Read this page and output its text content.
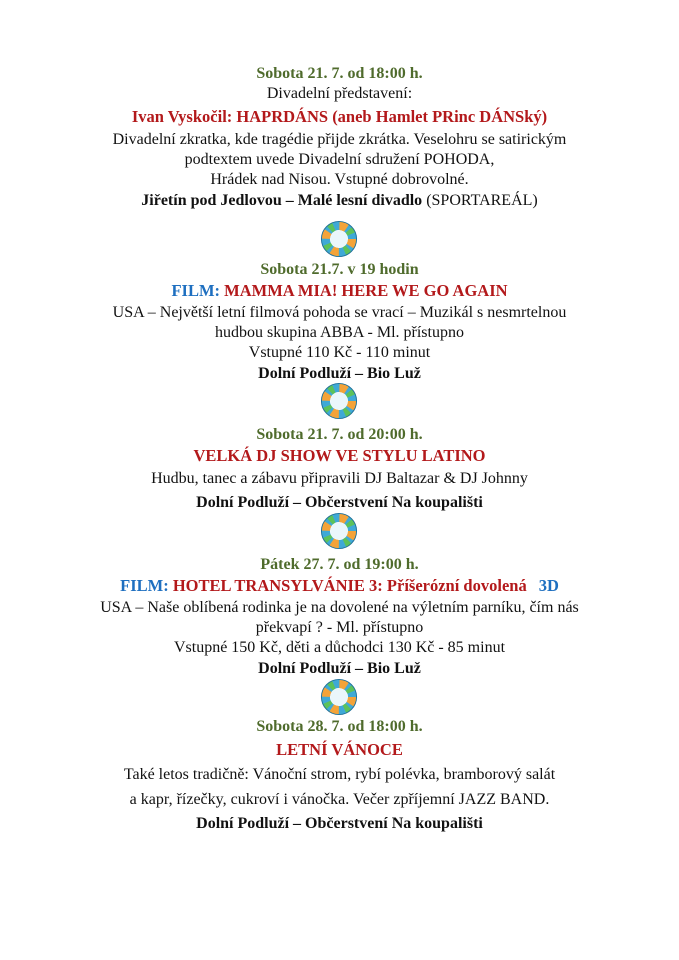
Sobota 21. 7. od 18:00 h.
Divadelní představení:
Ivan Vyskočil: HAPRDÁNS (aneb Hamlet PRinc DÁNSký)
Divadelní zkratka, kde tragédie přijde zkrátka. Veselohru se satirickým
podtextem uvede Divadelní sdružení POHODA,
Hrádek nad Nisou. Vstupné dobrovolné.
Jiřetín pod Jedlovou – Malé lesní divadlo (SPORTAREÁL)
Sobota 21.7. v 19 hodin
FILM: MAMMA MIA! HERE WE GO AGAIN
USA – Největší letní filmová pohoda se vrací – Muzikál s nesmrtelnou
hudbou skupina ABBA - Ml. přístupno
Vstupné 110 Kč - 110 minut
Dolní Podluží – Bio Luž
Sobota 21. 7. od 20:00 h.
VELKÁ DJ SHOW VE STYLU LATINO
Hudbu, tanec a zábavu připravili DJ Baltazar & DJ Johnny
Dolní Podluží – Občerstvení Na koupališti
Pátek 27. 7. od 19:00 h.
FILM: HOTEL TRANSYLVÁNIE 3: Příšerózní dovolená 3D
USA – Naše oblíbená rodinka je na dovolené na výletním parníku, čím nás
překvapí ? - Ml. přístupno
Vstupné 150 Kč, děti a důchodci 130 Kč - 85 minut
Dolní Podluží – Bio Luž
Sobota 28. 7. od 18:00 h.
LETNÍ VÁNOCE
Také letos tradičně: Vánoční strom, rybí polévka, bramborový salát
a kapr, řízečky, cukroví i vánočka. Večer zpříjemní JAZZ BAND.
Dolní Podluží – Občerstvení Na koupališti
